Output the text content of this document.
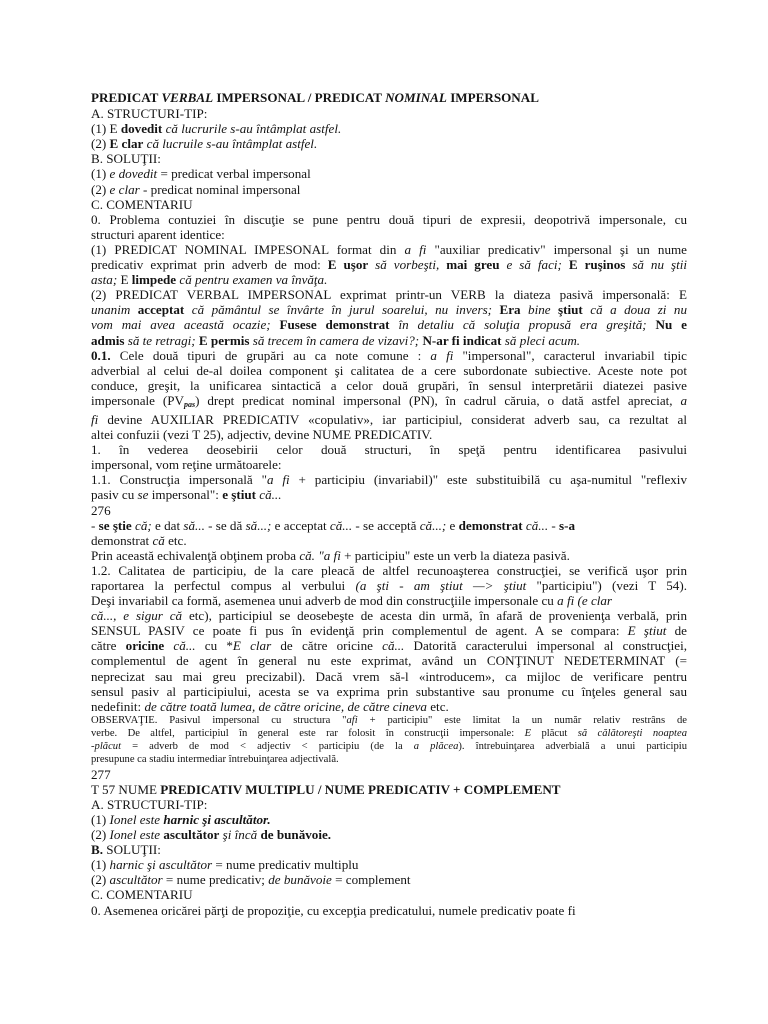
PREDICAT VERBAL IMPERSONAL / PREDICAT NOMINAL IMPERSONAL
A. STRUCTURI-TIP:
(1) E dovedit că lucrurile s-au întâmplat astfel.
(2) E clar că lucruile s-au întâmplat astfel.
B. SOLUŢII:
(1) e dovedit = predicat verbal impersonal
(2) e clar - predicat nominal impersonal
C. COMENTARIU
0. Problema contuziei în discuţie se pune pentru două tipuri de expresii, deopotrivă impersonale, cu
structuri aparent identice:
(1) PREDICAT NOMINAL IMPESONAL format din a fi "auxiliar predicativ" impersonal şi un nume
predicativ exprimat prin adverb de mod: E uşor să vorbeşti, mai greu e să faci; E ruşinos să nu ştii
asta; E limpede că pentru examen va învăţa.
(2) PREDICAT VERBAL IMPERSONAL exprimat printr-un VERB la diateza pasivă impersonală: E
unanim acceptat că pământul se învârte în jurul soarelui, nu invers; Era bine ştiut că a doua zi nu
vom mai avea această ocazie; Fusese demonstrat în detaliu că soluţia propusă era greşită; Nu e
admis să te retragi; E permis să trecem în camera de vizavi?; N-ar fi indicat să pleci acum.
0.1. Cele două tipuri de grupări au ca note comune : a fi "impersonal", caracterul invariabil tipic
adverbial al celui de-al doilea component şi calitatea de a cere subordonate subiective. Aceste note pot
conduce, greşit, la unificarea sintactică a celor două grupări, în sensul interpretării diatezei pasive
impersonale $(PV_{pas})$ drept predicat nominal impersonal (PN), în cadrul căruia, o dată astfel apreciat, a
fi devine AUXILIAR PREDICATIV «copulativ», iar participiul, considerat adverb sau, ca rezultat al
altei confuzii (vezi T 25), adjectiv, devine NUME PREDICATIV.
1. în vederea deosebirii celor două structuri, în speţă pentru identificarea pasivului
impersonal, vom reţine următoarele:
1.1. Construcţia impersonală "a fi + participiu (invariabil)" este substituibilă cu aşa-numitul "reflexiv
pasiv cu se impersonal": e ştiut că...
276
- se ştie că; e dat să... - se dă să...; e acceptat că... - se acceptă că...; e demonstrat că... - s-a
demonstrat că etc.
Prin această echivalenţă obţinem proba că. "a fi + participiu" este un verb la diateza pasivă.
1.2. Calitatea de participiu, de la care pleacă de altfel recunoaşterea construcţiei, se verifică uşor prin
raportarea la perfectul compus al verbului (a şti - am ştiut —> ştiut "participiu") (vezi T 54).
Deşi invariabil ca formă, asemenea unui adverb de mod din construcţiile impersonale cu a fi (e clar
că..., e sigur că etc), participiul se deosebeşte de acesta din urmă, în afară de provenienţa verbală, prin
SENSUL PASIV ce poate fi pus în evidenţă prin complementul de agent. A se compara: E ştiut de
către oricine că... cu *E clar de către oricine că... Datorită caracterului impersonal al construcţiei,
complementul de agent în general nu este exprimat, având un CONŢINUT NEDETERMINAT (=
neprecizat sau mai greu precizabil). Dacă vrem să-l «introducem», ca mijloc de verificare pentru
sensul pasiv al participiului, acesta se va exprima prin substantive sau pronume cu înţeles general sau
nedefinit: de către toată lumea, de către oricine, de către cineva etc.
OBSERVAŢIE. Pasivul impersonal cu structura "afi + participiu" este limitat la un număr relativ restrâns de
verbe. De altfel, participiul în general este rar folosit în construcţii impersonale: E plăcut să călătoreşti noaptea
-plăcut = adverb de mod < adjectiv < participiu (de la a plăcea). întrebuinţarea adverbială a unui participiu
presupune ca stadiu intermediar întrebuinţarea adjectivală.
277
T 57 NUME PREDICATIV MULTIPLU / NUME PREDICATIV + COMPLEMENT
A. STRUCTURI-TIP:
(1) Ionel este harnic şi ascultător.
(2) Ionel este ascultător şi încă de bunăvoie.
B. SOLUŢII:
(1) harnic şi ascultător = nume predicativ multiplu
(2) ascultător = nume predicativ; de bunăvoie = complement
C. COMENTARIU
0. Asemenea oricărei părţi de propoziţie, cu excepţia predicatului, numele predicativ poate fi
